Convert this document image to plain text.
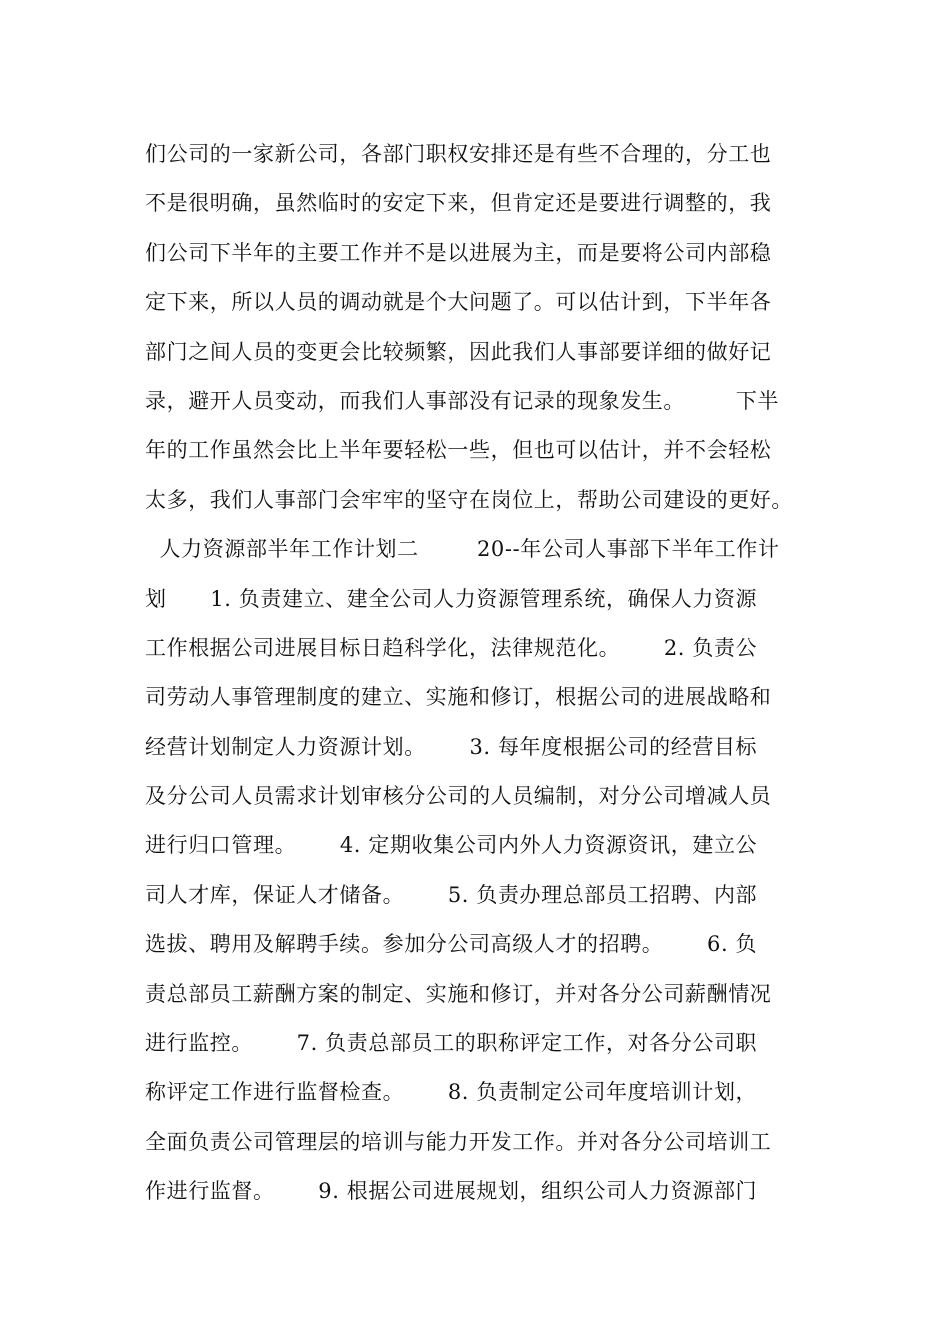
们公司的一家新公司，各部门职权安排还是有些不合理的，分工也
不是很明确，虽然临时的安定下来，但肯定还是要进行调整的，我
们公司下半年的主要工作并不是以进展为主，而是要将公司内部稳
定下来，所以人员的调动就是个大问题了。可以估计到，下半年各
部门之间人员的变更会比较频繁，因此我们人事部要详细的做好记
录，避开人员变动，而我们人事部没有记录的现象发生。       下半
年的工作虽然会比上半年要轻松一些，但也可以估计，并不会轻松
太多，我们人事部门会牢牢的坚守在岗位上，帮助公司建设的更好。
人力资源部半年工作计划二        20--年公司人事部下半年工作计
划      1. 负责建立、建全公司人力资源管理系统，确保人力资源
工作根据公司进展目标日趋科学化，法律规范化。      2. 负责公
司劳动人事管理制度的建立、实施和修订，根据公司的进展战略和
经营计划制定人力资源计划。      3. 每年度根据公司的经营目标
及分公司人员需求计划审核分公司的人员编制，对分公司增减人员
进行归口管理。      4. 定期收集公司内外人力资源资讯，建立公
司人才库，保证人才储备。      5. 负责办理总部员工招聘、内部
选拔、聘用及解聘手续。参加分公司高级人才的招聘。      6. 负
责总部员工薪酬方案的制定、实施和修订，并对各分公司薪酬情况
进行监控。      7. 负责总部员工的职称评定工作，对各分公司职
称评定工作进行监督检查。      8. 负责制定公司年度培训计划，
全面负责公司管理层的培训与能力开发工作。并对各分公司培训工
作进行监督。      9. 根据公司进展规划，组织公司人力资源部门
